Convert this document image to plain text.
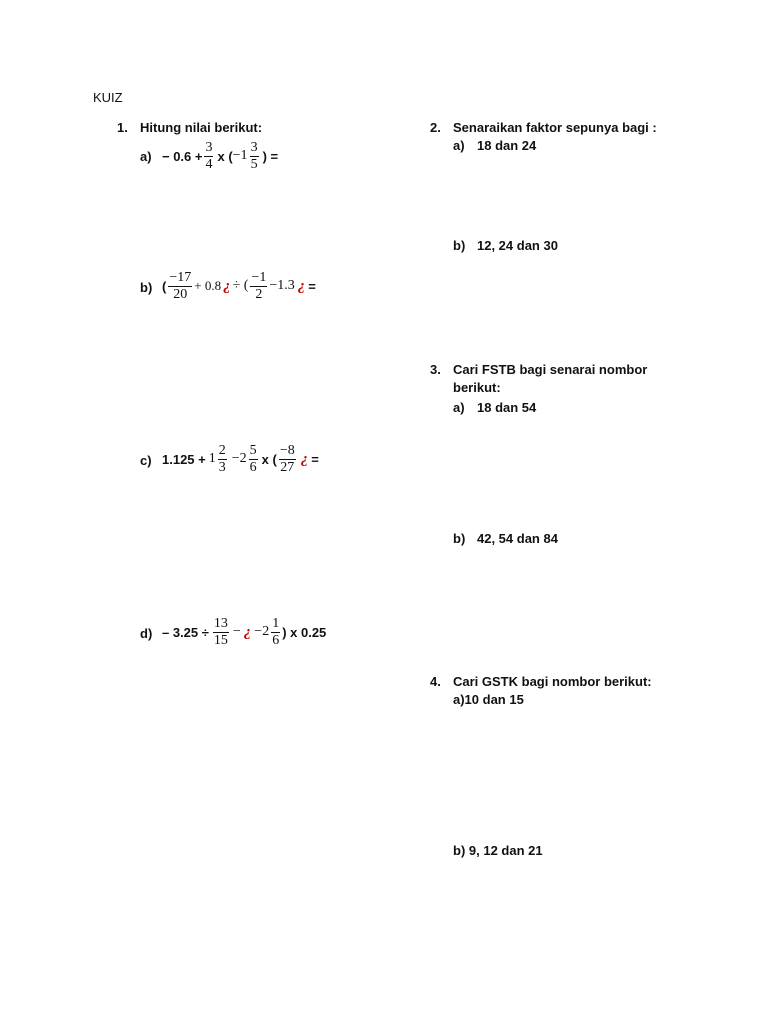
KUIZ
1. Hitung nilai berikut:
$a) - 0.6 + \frac{3}{4}$ x ( $-1 \frac{3}{5}$ ) =
b) ( $\frac{-17}{20} + 0.8$ ¿ ÷ ( $\frac{-1}{2} -1.3$ ¿ =
c) $1.125 + 1 \frac{2}{3} -2 \frac{5}{6}$ x ( $\frac{-8}{27}$ ¿ =
$d) - 3.25 \div \frac{13}{15}$ − ¿ $-2 \frac{1}{6}$ ) x 0.25
2. Senaraikan faktor sepunya bagi :
a) 18 dan 24
b) 12, 24 dan 30
3. Cari FSTB bagi senarai nombor
berikut:
a) 18 dan 54
b) 42, 54 dan 84
4. Cari GSTK bagi nombor berikut:
a)10 dan 15
b) 9, 12 dan 21
